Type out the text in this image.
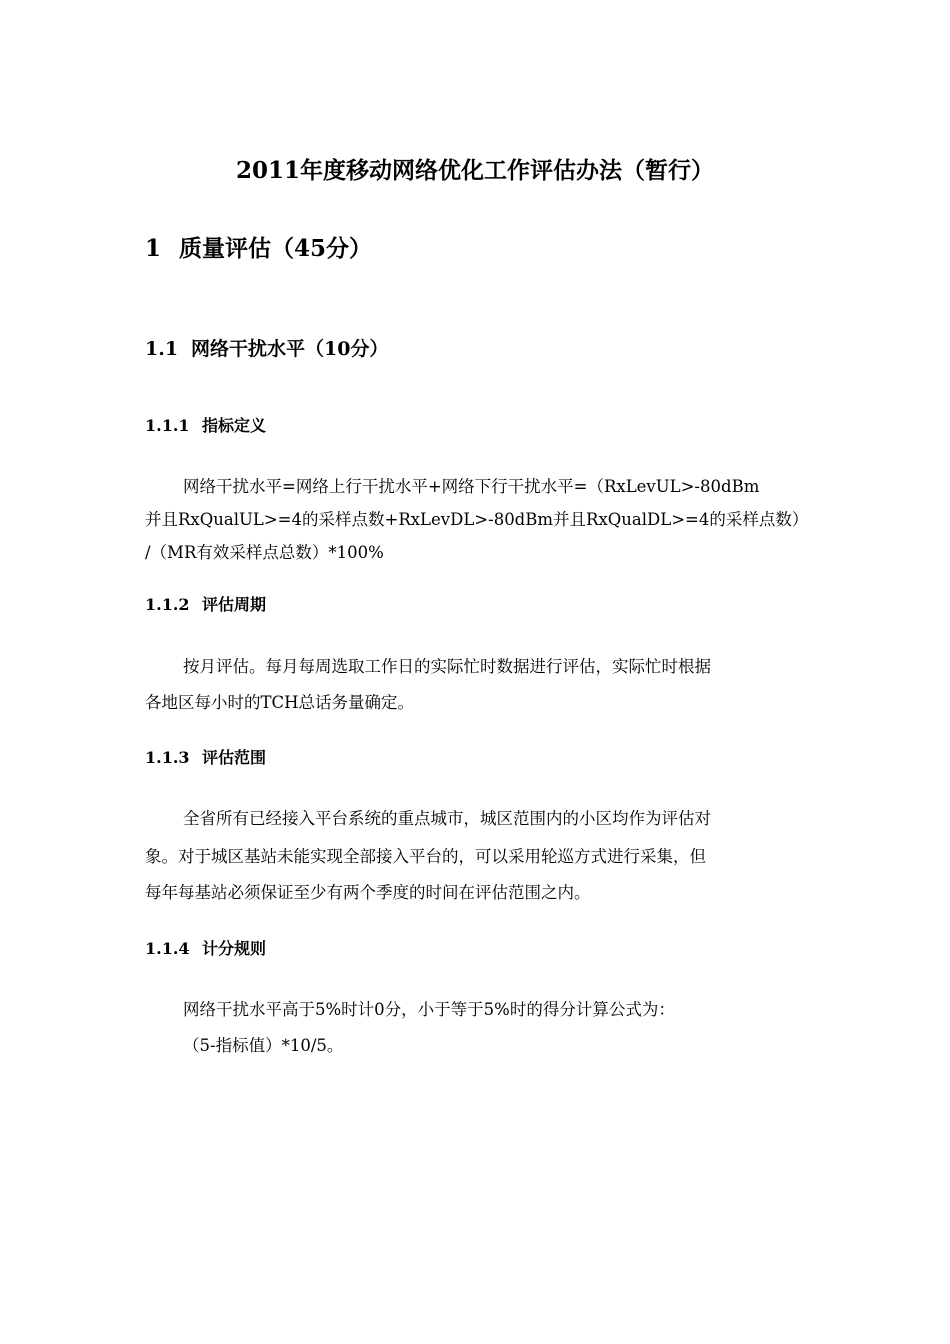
2011年度移动网络优化工作评估办法（暂行）
1 质量评估（45分）
1.1 网络干扰水平（10分）
1.1.1 指标定义
网络干扰水平=网络上行干扰水平+网络下行干扰水平=（RxLevUL>-80dBm
并且RxQualUL>=4的采样点数+RxLevDL>-80dBm并且RxQualDL>=4的采样点数）
/（MR有效采样点总数）*100%
1.1.2 评估周期
按月评估。每月每周选取工作日的实际忙时数据进行评估，实际忙时根据
各地区每小时的TCH总话务量确定。
1.1.3 评估范围
全省所有已经接入平台系统的重点城市，城区范围内的小区均作为评估对
象。对于城区基站未能实现全部接入平台的，可以采用轮巡方式进行采集，但
每年每基站必须保证至少有两个季度的时间在评估范围之内。
1.1.4 计分规则
网络干扰水平高于5%时计0分，小于等于5%时的得分计算公式为：
（5-指标值）*10/5。
